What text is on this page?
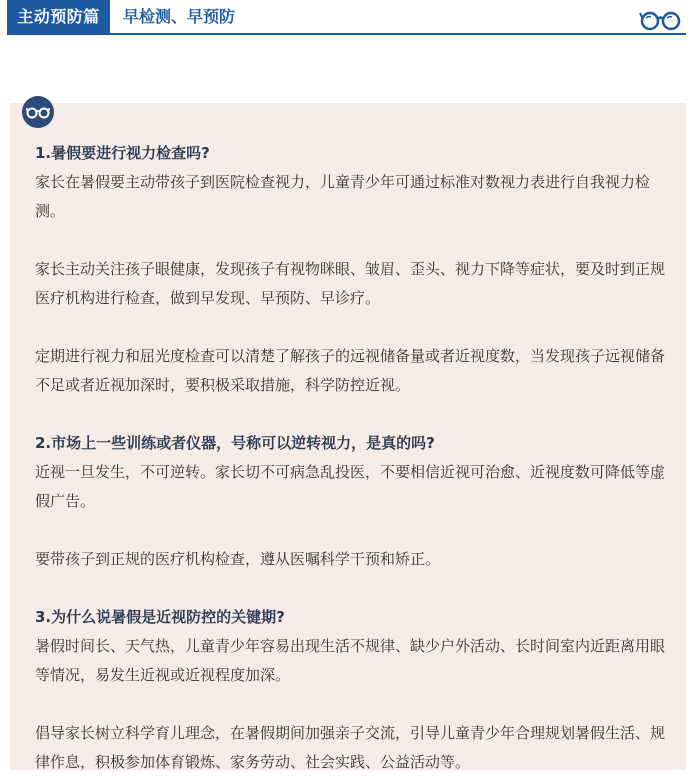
主动预防篇	早检测、早预防

1.暑假要进行视力检查吗?

家长在暑假要主动带孩子到医院检查视力，儿童青少年可通过标准对数视力表进行自我视力检测。

家长主动关注孩子眼健康，发现孩子有视物眯眼、皱眉、歪头、视力下降等症状，要及时到正规医疗机构进行检查，做到早发现、早预防、早诊疗。

定期进行视力和屈光度检查可以清楚了解孩子的远视储备量或者近视度数，当发现孩子远视储备不足或者近视加深时，要积极采取措施，科学防控近视。

2.市场上一些训练或者仪器，号称可以逆转视力，是真的吗?

近视一旦发生，不可逆转。家长切不可病急乱投医，不要相信近视可治愈、近视度数可降低等虚假广告。

要带孩子到正规的医疗机构检查，遵从医嘱科学干预和矫正。

3.为什么说暑假是近视防控的关键期?

暑假时间长、天气热，儿童青少年容易出现生活不规律、缺少户外活动、长时间室内近距离用眼等情况，易发生近视或近视程度加深。

倡导家长树立科学育儿理念，在暑假期间加强亲子交流，引导儿童青少年合理规划暑假生活、规律作息，积极参加体育锻炼、家务劳动、社会实践、公益活动等。
